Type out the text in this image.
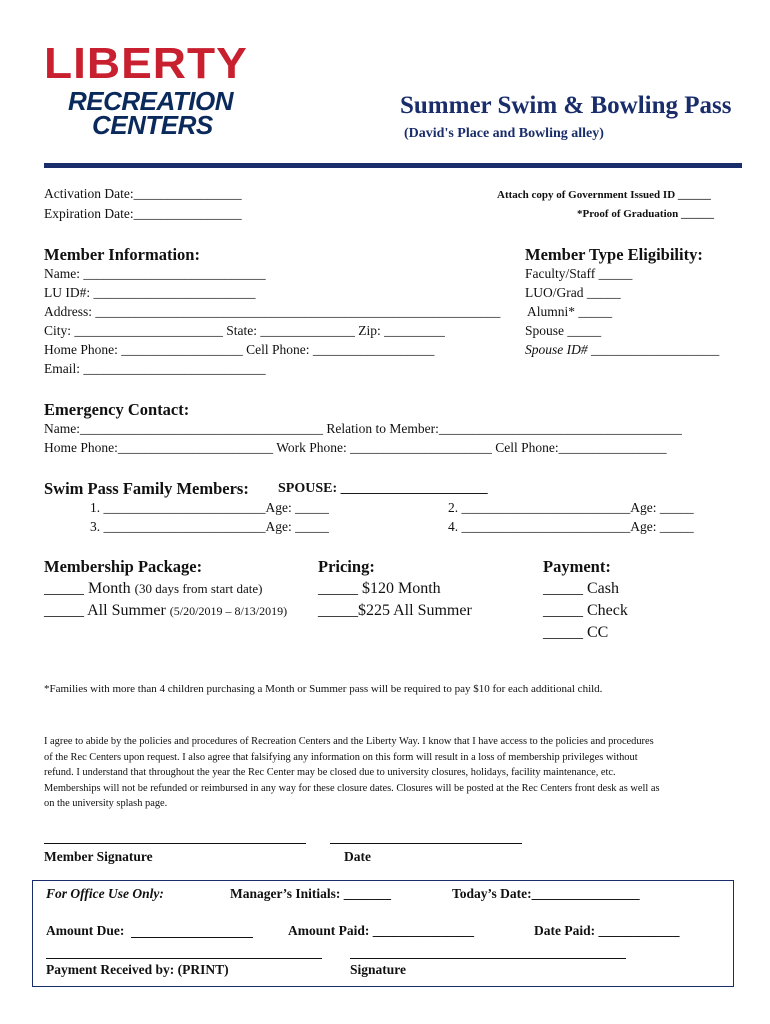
LIBERTY
RECREATION
CENTERS
Summer Swim & Bowling Pass
(David's Place and Bowling alley)
Activation Date:________________
Expiration Date:________________
Attach copy of Government Issued ID ______
*Proof of Graduation ______
Member Information:
Name: ___________________________
LU ID#: ________________________
Address: ____________________________________________________________
City: ______________________ State: ______________ Zip: _________
Home Phone: __________________ Cell Phone: __________________
Email: ___________________________
Member Type Eligibility:
Faculty/Staff _____
LUO/Grad _____
Alumni* _____
Spouse _____
Spouse ID# ___________________
Emergency Contact:
Name:____________________________________ Relation to Member:____________________________________
Home Phone:_______________________ Work Phone: _____________________ Cell Phone:________________
Swim Pass Family Members: SPOUSE: _____________________
1. ________________________Age: _____	2. _________________________Age: _____
3. ________________________Age: _____	4. _________________________Age: _____
Membership Package:
_____ Month (30 days from start date)
_____ All Summer (5/20/2019 – 8/13/2019)
Pricing:
_____ $120 Month
_____$225 All Summer
Payment:
_____ Cash
_____ Check
_____ CC
*Families with more than 4 children purchasing a Month or Summer pass will be required to pay $10 for each additional child.
I agree to abide by the policies and procedures of Recreation Centers and the Liberty Way. I know that I have access to the policies and procedures
of the Rec Centers upon request. I also agree that falsifying any information on this form will result in a loss of membership privileges without
refund. I understand that throughout the year the Rec Center may be closed due to university closures, holidays, facility maintenance, etc.
Memberships will not be refunded or reimbursed in any way for these closure dates. Closures will be posted at the Rec Centers front desk as well as
on the university splash page.
Member Signature	Date
For Office Use Only:	Manager’s Initials: _______	Today’s Date:________________
Amount Due:	Amount Paid: _______________	Date Paid: ____________
Payment Received by: (PRINT)	Signature
